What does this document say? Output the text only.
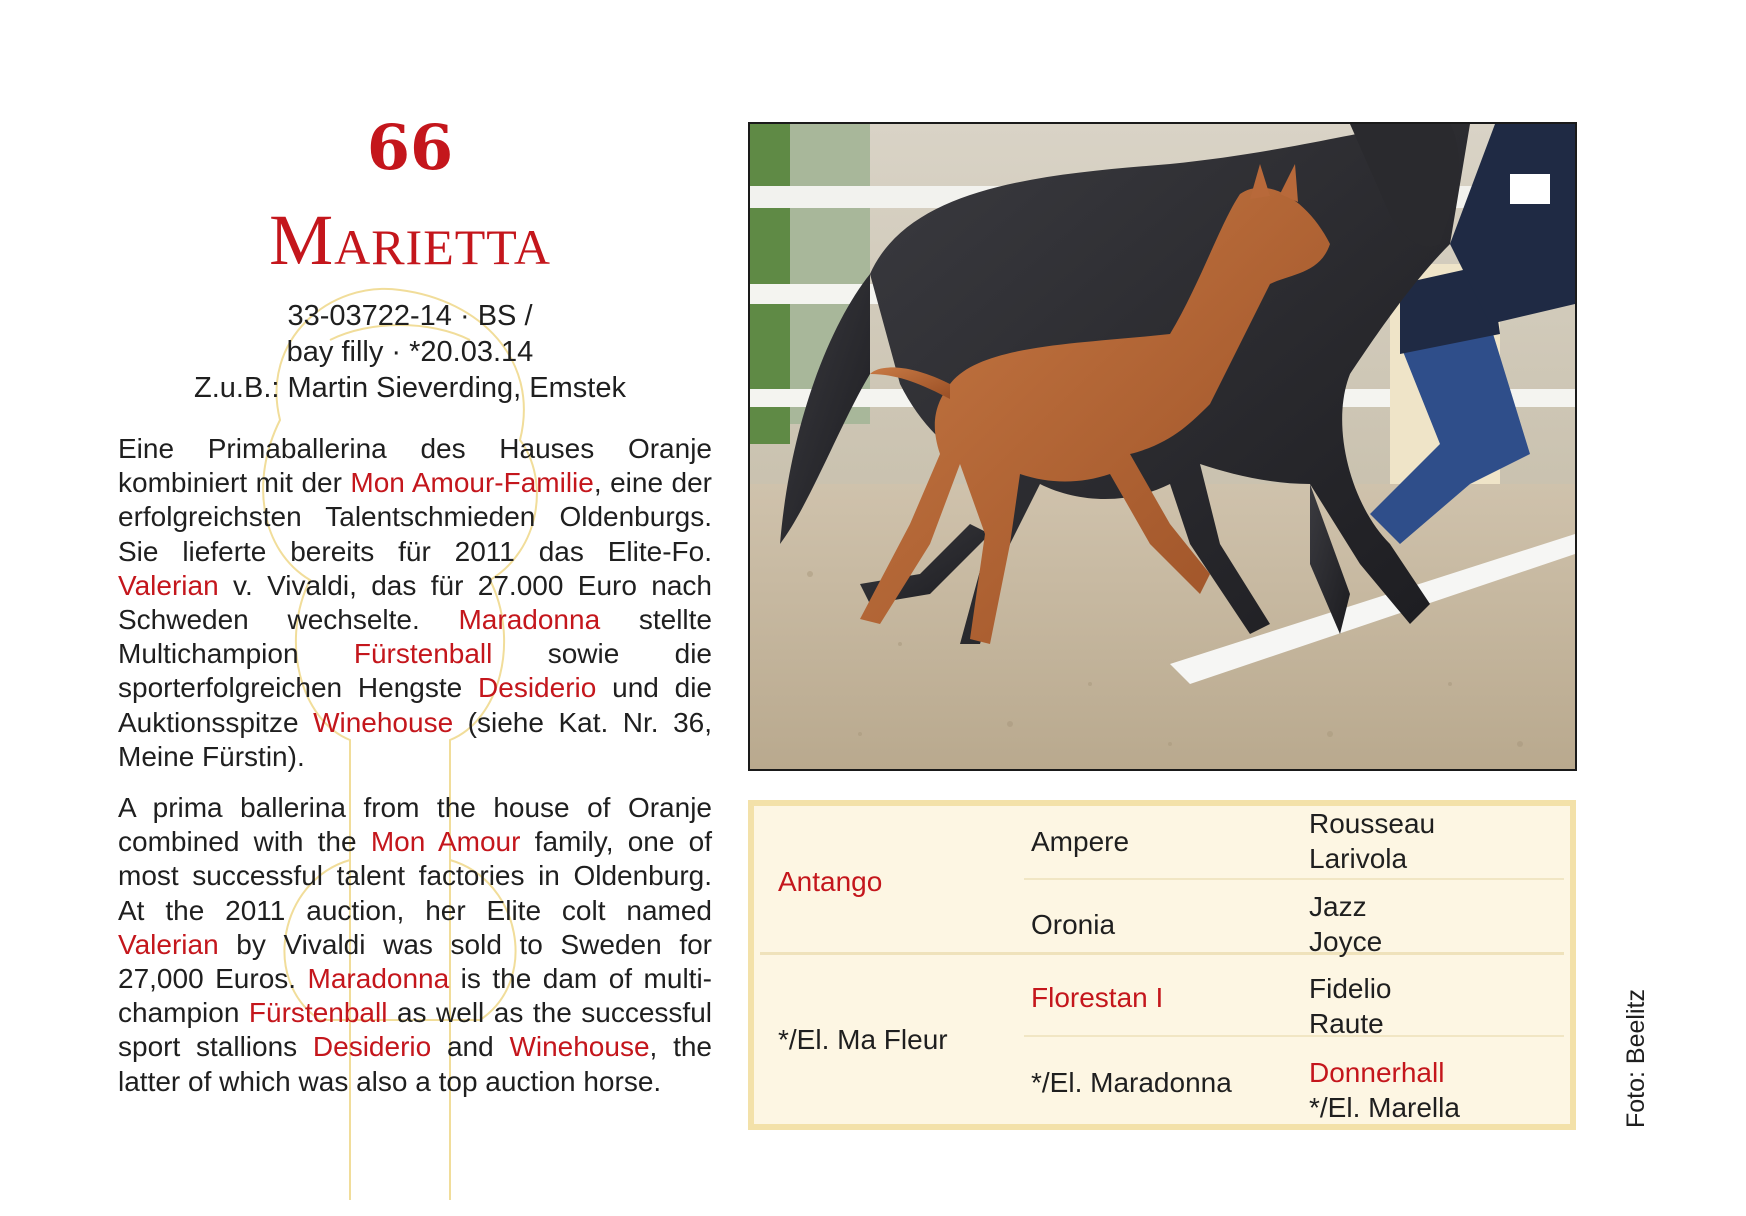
66
Marietta
33-03722-14 · BS /
bay filly · *20.03.14
Z.u.B.: Martin Sieverding, Emstek

Eine Primaballerina des Hauses Oranje kombiniert mit der Mon Amour-Familie, eine der erfolgreichsten Talentschmieden Oldenburgs. Sie lieferte bereits für 2011 das Elite-Fo. Valerian v. Vivaldi, das für 27.000 Euro nach Schweden wechselte. Maradonna stellte Multichampion Fürstenball sowie die sporterfolgreichen Hengste Desiderio und die Auktionsspitze Winehouse (siehe Kat. Nr. 36, Meine Fürstin).

A prima ballerina from the house of Oranje combined with the Mon Amour family, one of most successful talent factories in Oldenburg. At the 2011 auction, her Elite colt named Valerian by Vivaldi was sold to Sweden for 27,000 Euros. Maradonna is the dam of multi-champion Fürstenball as well as the successful sport stallions Desiderio and Winehouse, the latter of which was also a top auction horse.	Foto: Beelitz
Antango
*/El. Ma Fleur
Ampere
Oronia
Florestan I
*/El. Maradonna
Rousseau
Larivola
Jazz
Joyce
Fidelio
Raute
Donnerhall
*/El. Marella
